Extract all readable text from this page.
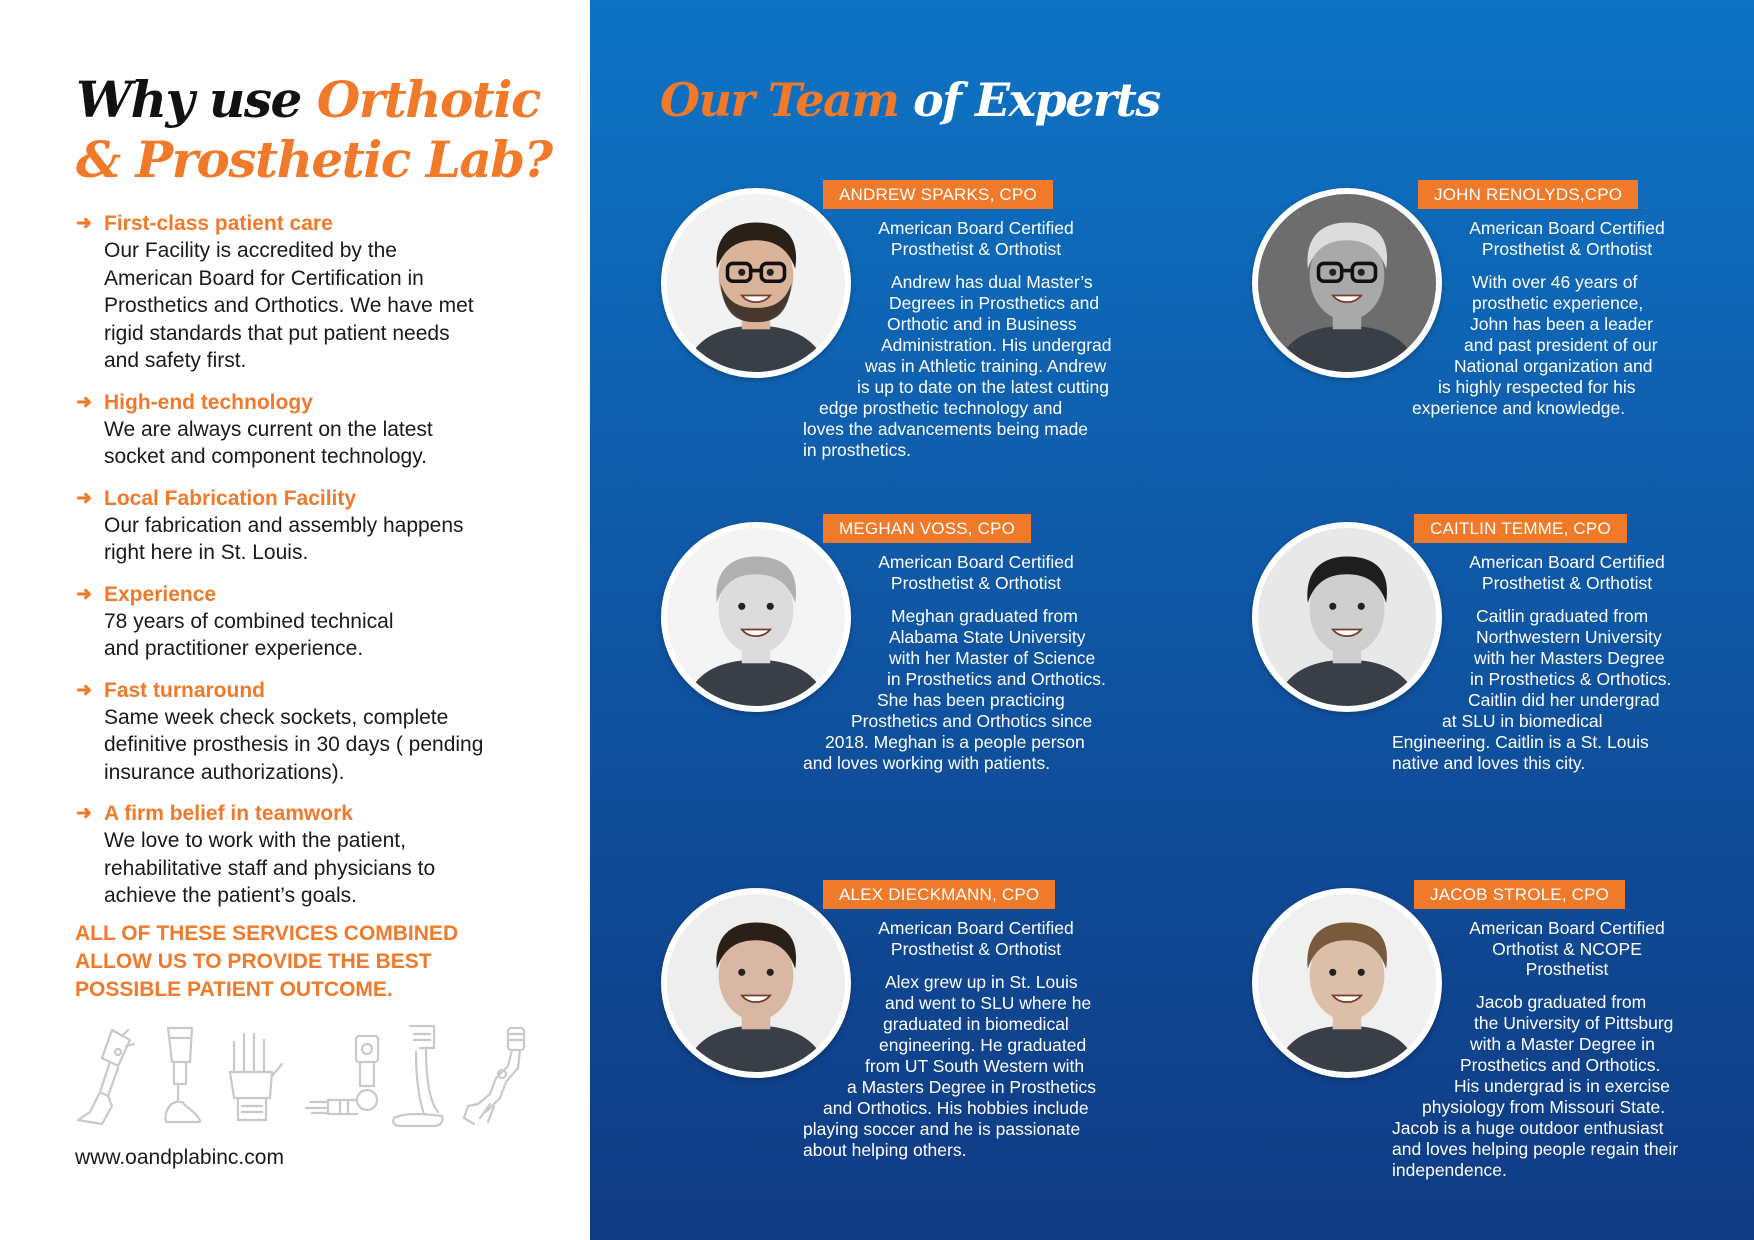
Why use Orthotic
& Prosthetic Lab?
➜ First-class patient care
Our Facility is accredited by the
American Board for Certification in
Prosthetics and Orthotics. We have met
rigid standards that put patient needs
and safety first.
➜ High-end technology
We are always current on the latest
socket and component technology.
➜ Local Fabrication Facility
Our fabrication and assembly happens
right here in St. Louis.
➜ Experience
78 years of combined technical
and practitioner experience.
➜ Fast turnaround
Same week check sockets, complete
definitive prosthesis in 30 days ( pending
insurance authorizations).
➜ A firm belief in teamwork
We love to work with the patient,
rehabilitative staff and physicians to
achieve the patient’s goals.

ALL OF THESE SERVICES COMBINED
ALLOW US TO PROVIDE THE BEST
POSSIBLE PATIENT OUTCOME.

www.oandplabinc.com
Our Team of Experts
ANDREW SPARKS, CPO
American Board Certified
Prosthetist & Orthotist
Andrew has dual Master’s
Degrees in Prosthetics and
Orthotic and in Business
Administration. His undergrad
was in Athletic training. Andrew
is up to date on the latest cutting
edge prosthetic technology and
loves the advancements being made
in prosthetics.
JOHN RENOLYDS,CPO
American Board Certified
Prosthetist & Orthotist
With over 46 years of
prosthetic experience,
John has been a leader
and past president of our
National organization and
is highly respected for his
experience and knowledge.
MEGHAN VOSS, CPO
American Board Certified
Prosthetist & Orthotist
Meghan graduated from
Alabama State University
with her Master of Science
in Prosthetics and Orthotics.
She has been practicing
Prosthetics and Orthotics since
2018. Meghan is a people person
and loves working with patients.
CAITLIN TEMME, CPO
American Board Certified
Prosthetist & Orthotist
Caitlin graduated from
Northwestern University
with her Masters Degree
in Prosthetics & Orthotics.
Caitlin did her undergrad
at SLU in biomedical
Engineering. Caitlin is a St. Louis
native and loves this city.
ALEX DIECKMANN, CPO
American Board Certified
Prosthetist & Orthotist
Alex grew up in St. Louis
and went to SLU where he
graduated in biomedical
engineering. He graduated
from UT South Western with
a Masters Degree in Prosthetics
and Orthotics. His hobbies include
playing soccer and he is passionate
about helping others.
JACOB STROLE, CPO
American Board Certified
Orthotist & NCOPE
Prosthetist
Jacob graduated from
the University of Pittsburg
with a Master Degree in
Prosthetics and Orthotics.
His undergrad is in exercise
physiology from Missouri State.
Jacob is a huge outdoor enthusiast
and loves helping people regain their
independence.
